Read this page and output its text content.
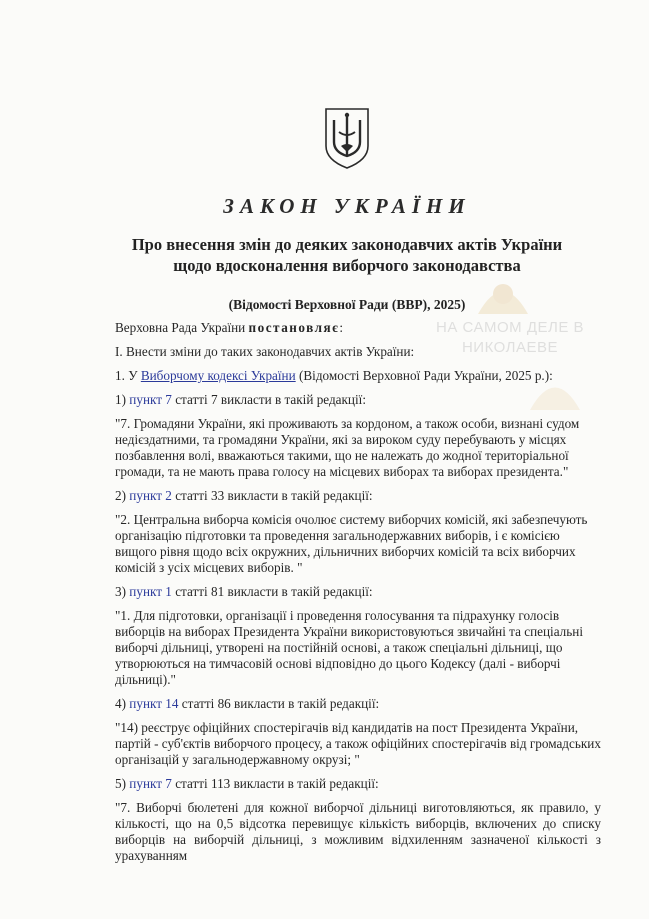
ЗАКОН УКРАЇНИ
Про внесення змін до деяких законодавчих актів України
щодо вдосконалення виборчого законодавства
(Відомості Верховної Ради (ВВР), 2025)
НА САМОМ ДЕЛЕ В
НИКОЛАЕВЕ

Верховна Рада України постановляє:

I. Внести зміни до таких законодавчих актів України:

1. У Виборчому кодексі України (Відомості Верховної Ради України, 2025 р.):

1) пункт 7 статті 7 викласти в такій редакції:

"7. Громадяни України, які проживають за кордоном, а також особи, визнані судом недієздатними, та громадяни України, які за вироком суду перебувають у місцях позбавлення волі, вважаються такими, що не належать до жодної територіальної громади, та не мають права голосу на місцевих виборах та виборах президента."

2) пункт 2 статті 33 викласти в такій редакції:

"2. Центральна виборча комісія очолює систему виборчих комісій, які забезпечують організацію підготовки та проведення загальнодержавних виборів, і є комісією вищого рівня щодо всіх окружних, дільничних виборчих комісій та всіх виборчих комісій з усіх місцевих виборів. "

3) пункт 1 статті 81 викласти в такій редакції:

"1. Для підготовки, організації і проведення голосування та підрахунку голосів виборців на виборах Президента України використовуються звичайні та спеціальні виборчі дільниці, утворені на постійній основі, а також спеціальні дільниці, що утворюються на тимчасовій основі відповідно до цього Кодексу (далі - виборчі дільниці)."

4) пункт 14 статті 86 викласти в такій редакції:

"14) реєструє офіційних спостерігачів від кандидатів на пост Президента України, партій - суб'єктів виборчого процесу, а також офіційних спостерігачів від громадських організацій у загальнодержавному окрузі; "

5) пункт 7 статті 113 викласти в такій редакції:

"7. Виборчі бюлетені для кожної виборчої дільниці виготовляються, як правило, у кількості, що на 0,5 відсотка перевищує кількість виборців, включених до списку виборців на виборчій дільниці, з можливим відхиленням зазначеної кількості з урахуванням
